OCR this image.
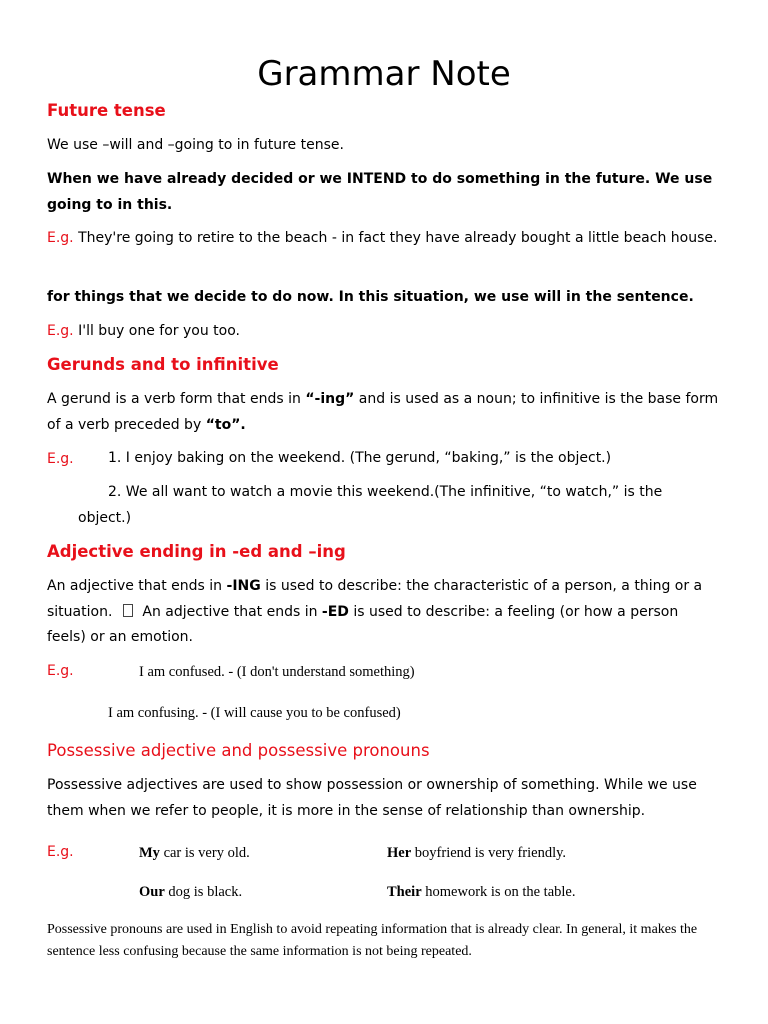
Grammar Note
Future tense

We use –will and –going to in future tense.

When we have already decided or we INTEND to do something in the future. We use going to in this.

E.g. They're going to retire to the beach - in fact they have already bought a little beach house.

for things that we decide to do now. In this situation, we use will in the sentence.

E.g. I'll buy one for you too.

Gerunds and to infinitive

A gerund is a verb form that ends in “-ing” and is used as a noun; to infinitive is the base form of a verb preceded by “to”.

E.g. 1. I enjoy baking on the weekend. (The gerund, “baking,” is the object.)

2. We all want to watch a movie this weekend.(The infinitive, “to watch,” is the object.)

Adjective ending in -ed and –ing

An adjective that ends in -ING is used to describe: the characteristic of a person, a thing or a situation. An adjective that ends in -ED is used to describe: a feeling (or how a person feels) or an emotion.

E.g.	I am confused. - (I don't understand something)
I am confusing. - (I will cause you to be confused)
Possessive adjective and possessive pronouns

Possessive adjectives are used to show possession or ownership of something. While we use them when we refer to people, it is more in the sense of relationship than ownership.

E.g.	My car is very old.	Her boyfriend is very friendly.
Our dog is black.	Their homework is on the table.

Possessive pronouns are used in English to avoid repeating information that is already clear. In general, it makes the sentence less confusing because the same information is not being repeated.
